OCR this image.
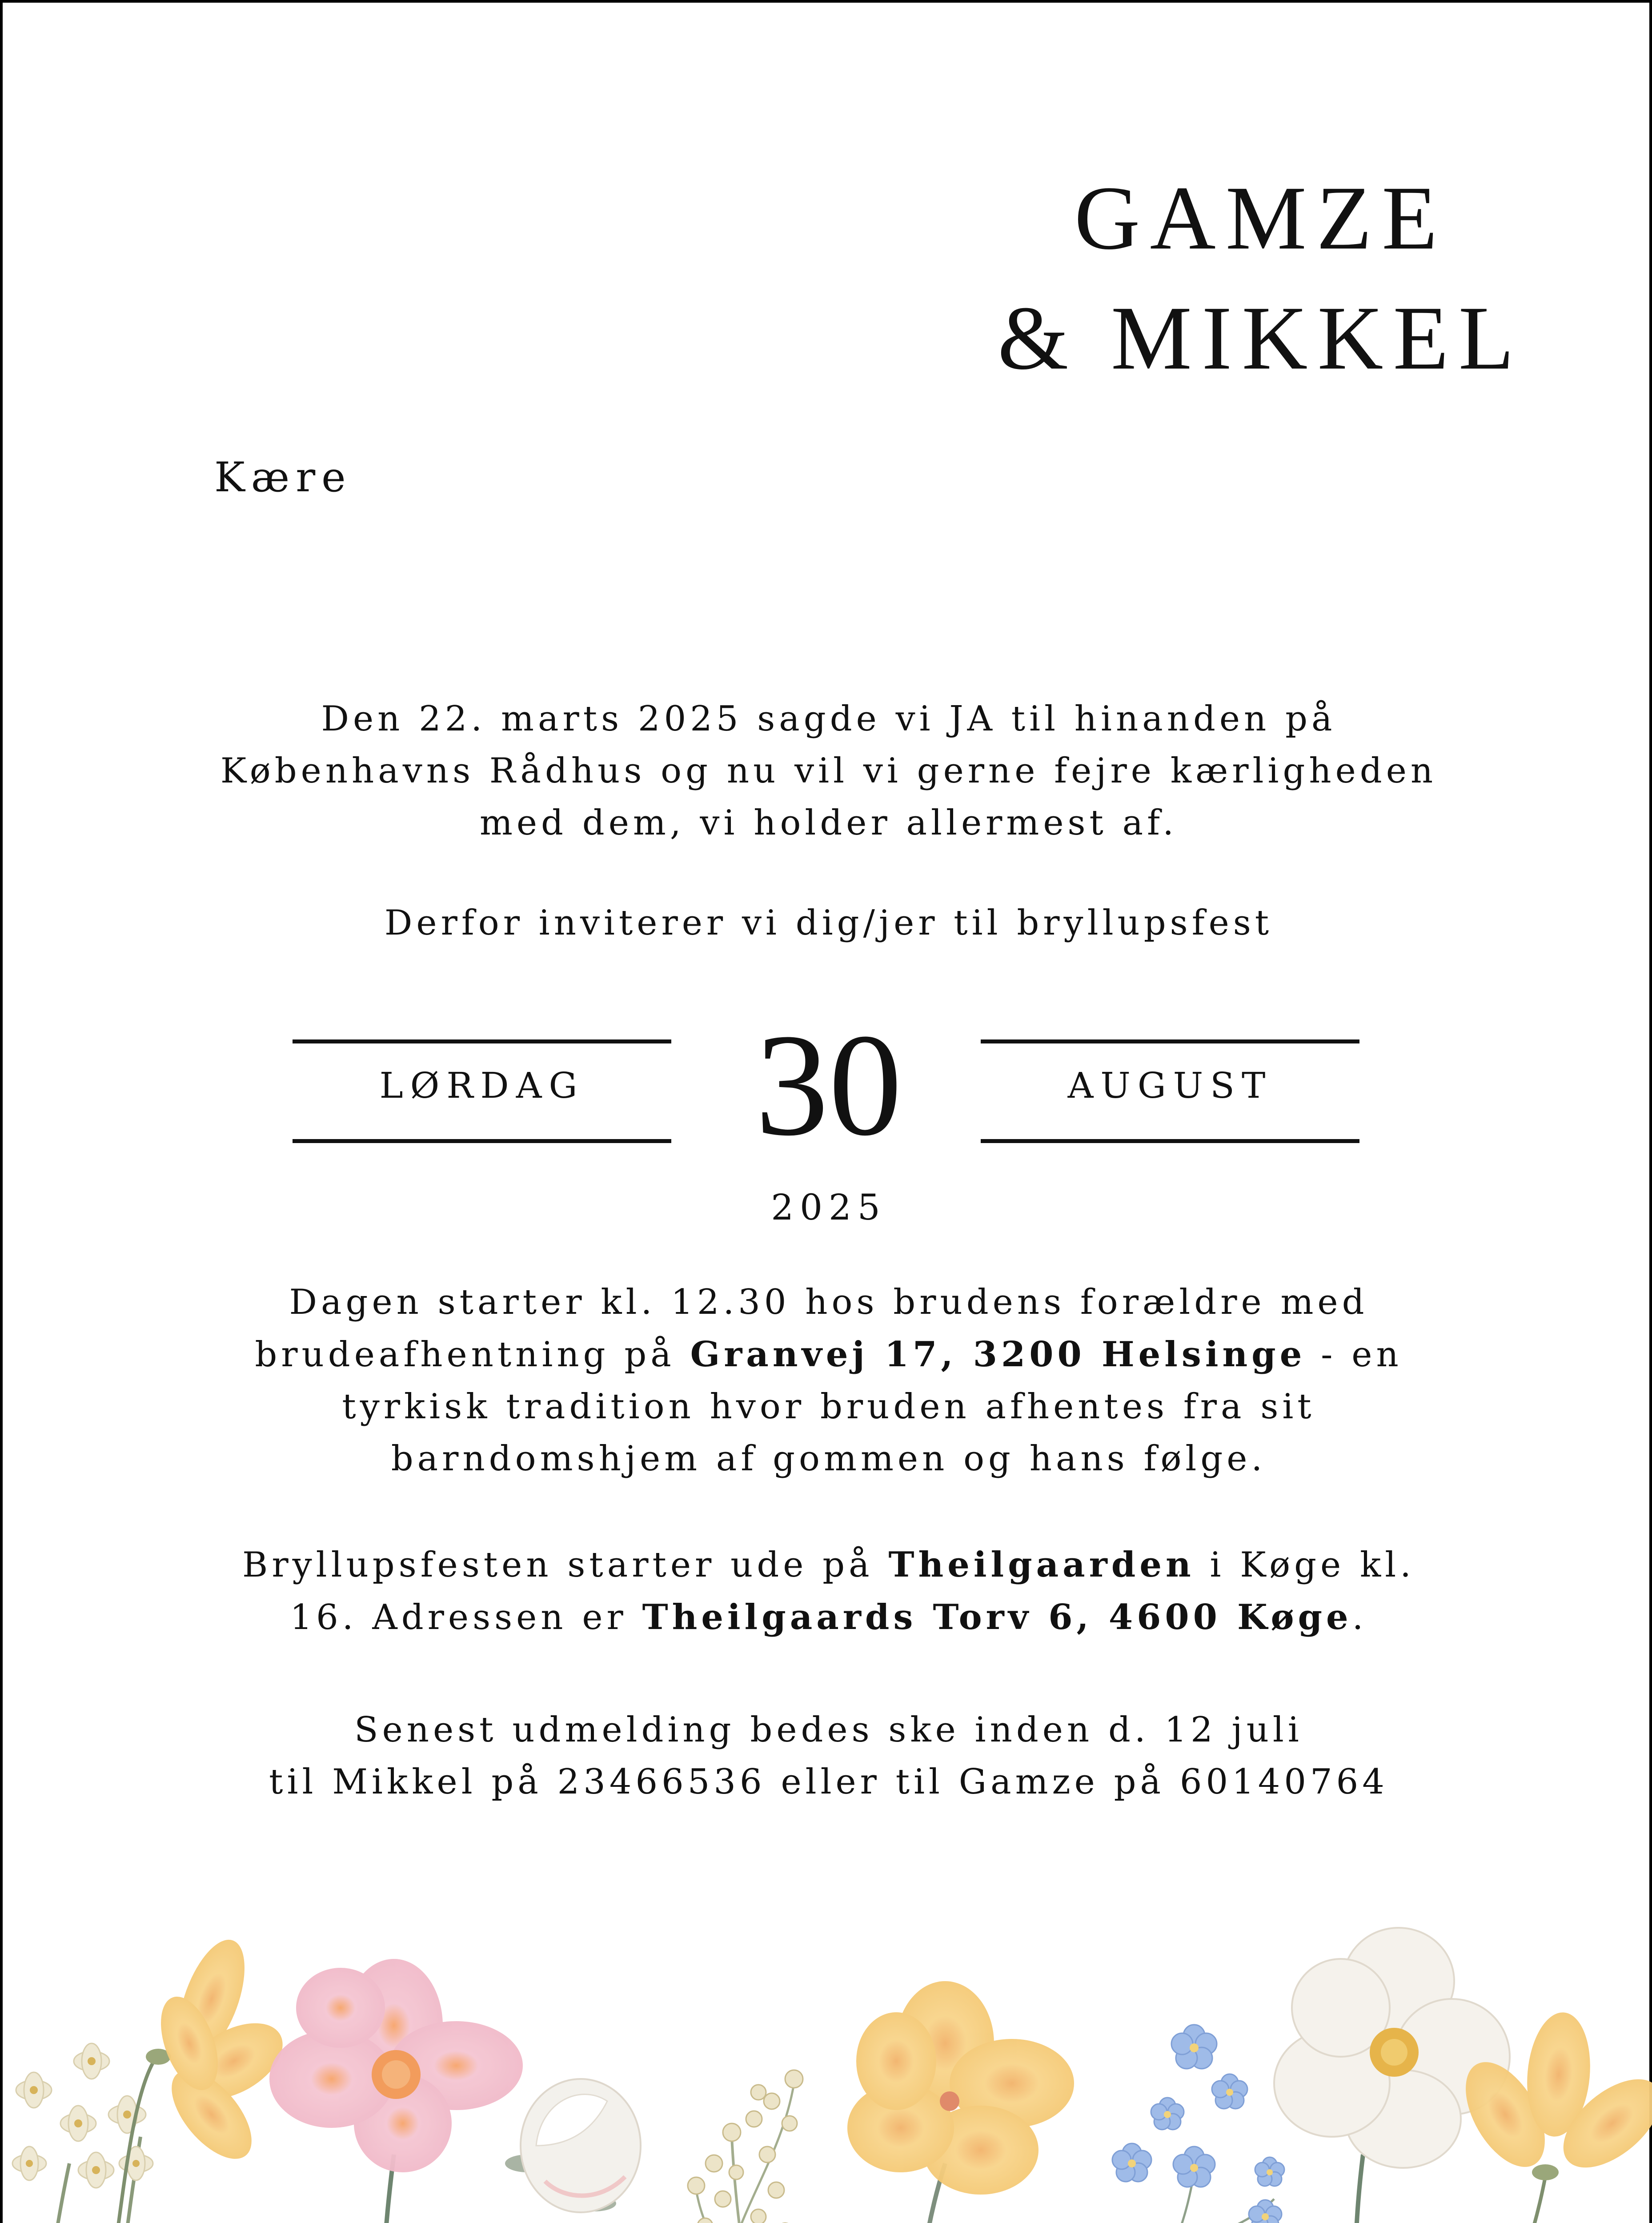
GAMZE
& MIKKEL
Kære
Den 22. marts 2025 sagde vi JA til hinanden på
Københavns Rådhus og nu vil vi gerne fejre kærligheden
med dem, vi holder allermest af.
Derfor inviterer vi dig/jer til bryllupsfest
LØRDAG	30	AUGUST
2025
Dagen starter kl. 12.30 hos brudens forældre med
brudeafhentning på Granvej 17, 3200 Helsinge - en
tyrkisk tradition hvor bruden afhentes fra sit
barndomshjem af gommen og hans følge.
Bryllupsfesten starter ude på Theilgaarden i Køge kl.
16. Adressen er Theilgaards Torv 6, 4600 Køge.
Senest udmelding bedes ske inden d. 12 juli
til Mikkel på 23466536 eller til Gamze på 60140764
